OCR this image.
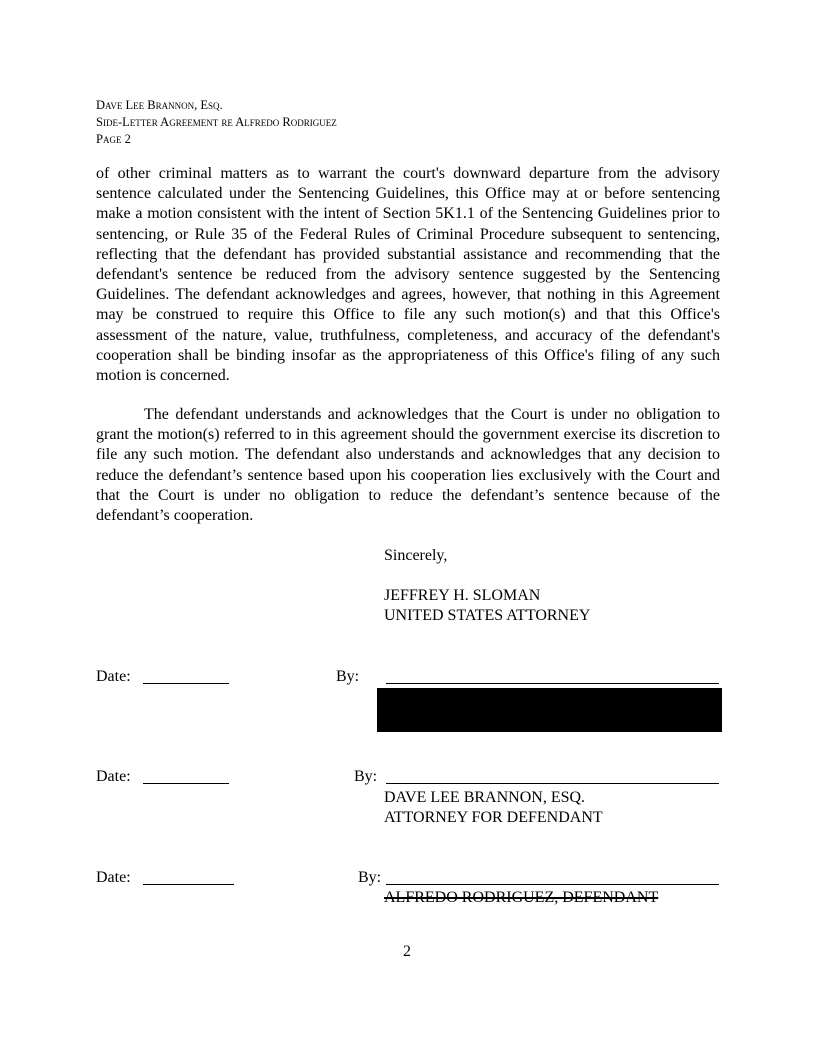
Dave Lee Brannon, Esq.
Side-Letter Agreement re Alfredo Rodriguez
Page 2

of other criminal matters as to warrant the court's downward departure from the advisory sentence calculated under the Sentencing Guidelines, this Office may at or before sentencing make a motion consistent with the intent of Section 5K1.1 of the Sentencing Guidelines prior to sentencing, or Rule 35 of the Federal Rules of Criminal Procedure subsequent to sentencing, reflecting that the defendant has provided substantial assistance and recommending that the defendant's sentence be reduced from the advisory sentence suggested by the Sentencing Guidelines. The defendant acknowledges and agrees, however, that nothing in this Agreement may be construed to require this Office to file any such motion(s) and that this Office's assessment of the nature, value, truthfulness, completeness, and accuracy of the defendant's cooperation shall be binding insofar as the appropriateness of this Office's filing of any such motion is concerned.

The defendant understands and acknowledges that the Court is under no obligation to grant the motion(s) referred to in this agreement should the government exercise its discretion to file any such motion. The defendant also understands and acknowledges that any decision to reduce the defendant’s sentence based upon his cooperation lies exclusively with the Court and that the Court is under no obligation to reduce the defendant’s sentence because of the defendant’s cooperation.

Sincerely,
JEFFREY H. SLOMAN
UNITED STATES ATTORNEY
Date:	By:
Date:	By:
DAVE LEE BRANNON, ESQ.
ATTORNEY FOR DEFENDANT
Date:	By:
ALFREDO RODRIGUEZ, DEFENDANT
2
